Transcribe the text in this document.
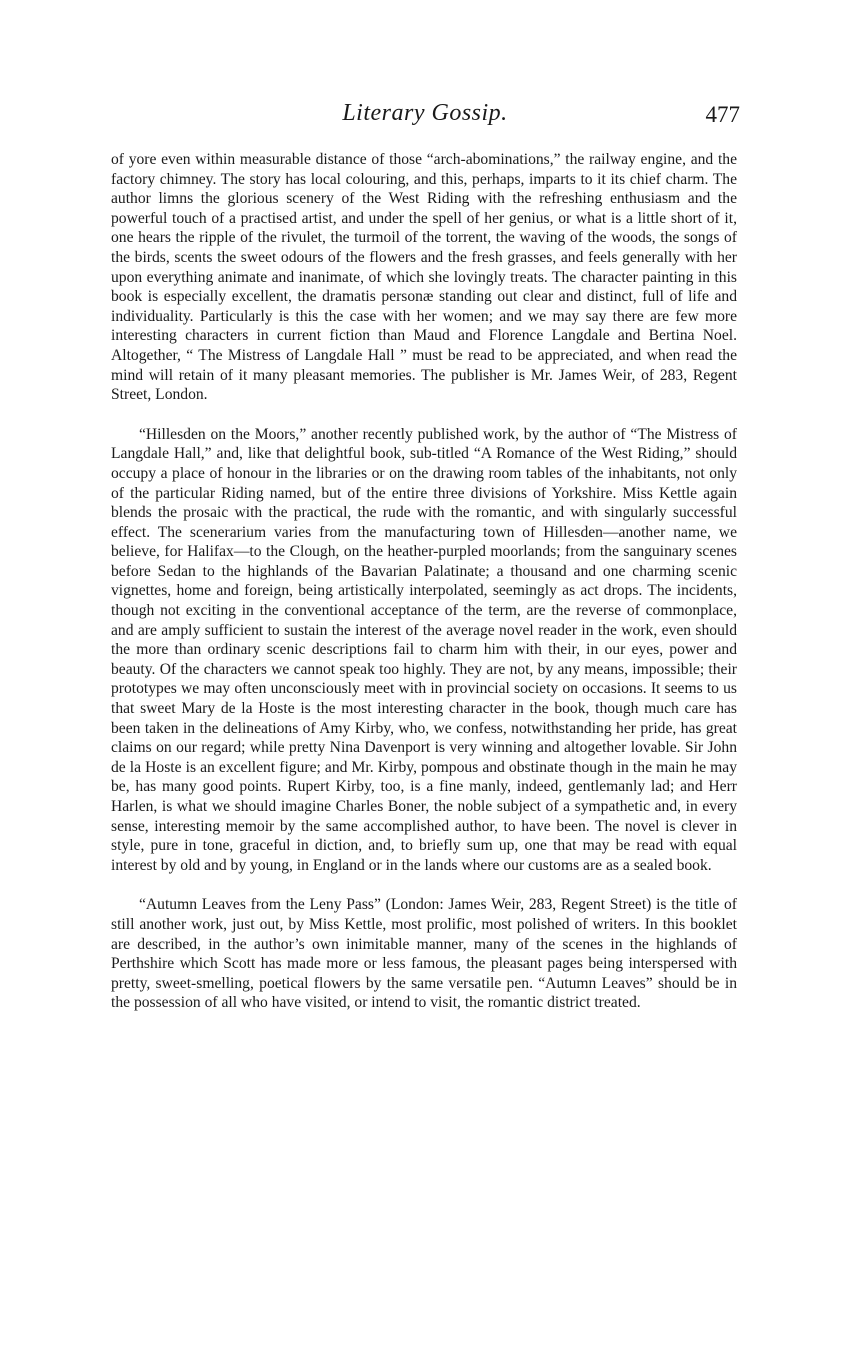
Literary Gossip.	477

of yore even within measurable distance of those “arch-abominations,” the railway engine, and the factory chimney. The story has local colouring, and this, perhaps, imparts to it its chief charm. The author limns the glorious scenery of the West Riding with the refreshing enthusiasm and the powerful touch of a practised artist, and under the spell of her genius, or what is a little short of it, one hears the ripple of the rivulet, the turmoil of the torrent, the waving of the woods, the songs of the birds, scents the sweet odours of the flowers and the fresh grasses, and feels generally with her upon everything animate and inanimate, of which she lovingly treats. The character painting in this book is especially excellent, the dramatis personæ standing out clear and distinct, full of life and individuality. Particularly is this the case with her women; and we may say there are few more interesting characters in current fiction than Maud and Florence Langdale and Bertina Noel. Altogether, “ The Mistress of Langdale Hall ” must be read to be appreciated, and when read the mind will retain of it many pleasant memories. The publisher is Mr. James Weir, of 283, Regent Street, London.

“Hillesden on the Moors,” another recently published work, by the author of “The Mistress of Langdale Hall,” and, like that delightful book, sub-titled “A Romance of the West Riding,” should occupy a place of honour in the libraries or on the drawing room tables of the inhabitants, not only of the particular Riding named, but of the entire three divisions of Yorkshire. Miss Kettle again blends the prosaic with the practical, the rude with the romantic, and with singularly successful effect. The scenerarium varies from the manufacturing town of Hillesden—another name, we believe, for Halifax—to the Clough, on the heather-purpled moorlands; from the sanguinary scenes before Sedan to the highlands of the Bavarian Palatinate; a thousand and one charming scenic vignettes, home and foreign, being artistically interpolated, seemingly as act drops. The incidents, though not exciting in the conventional acceptance of the term, are the reverse of commonplace, and are amply sufficient to sustain the interest of the average novel reader in the work, even should the more than ordinary scenic descriptions fail to charm him with their, in our eyes, power and beauty. Of the characters we cannot speak too highly. They are not, by any means, impossible; their prototypes we may often unconsciously meet with in provincial society on occasions. It seems to us that sweet Mary de la Hoste is the most interesting character in the book, though much care has been taken in the delineations of Amy Kirby, who, we confess, notwithstanding her pride, has great claims on our regard; while pretty Nina Davenport is very winning and altogether lovable. Sir John de la Hoste is an excellent figure; and Mr. Kirby, pompous and obstinate though in the main he may be, has many good points. Rupert Kirby, too, is a fine manly, indeed, gentlemanly lad; and Herr Harlen, is what we should imagine Charles Boner, the noble subject of a sympathetic and, in every sense, interesting memoir by the same accomplished author, to have been. The novel is clever in style, pure in tone, graceful in diction, and, to briefly sum up, one that may be read with equal interest by old and by young, in England or in the lands where our customs are as a sealed book.

“Autumn Leaves from the Leny Pass” (London: James Weir, 283, Regent Street) is the title of still another work, just out, by Miss Kettle, most prolific, most polished of writers. In this booklet are described, in the author’s own inimitable manner, many of the scenes in the highlands of Perthshire which Scott has made more or less famous, the pleasant pages being interspersed with pretty, sweet-smelling, poetical flowers by the same versatile pen. “Autumn Leaves” should be in the possession of all who have visited, or intend to visit, the romantic district treated.
